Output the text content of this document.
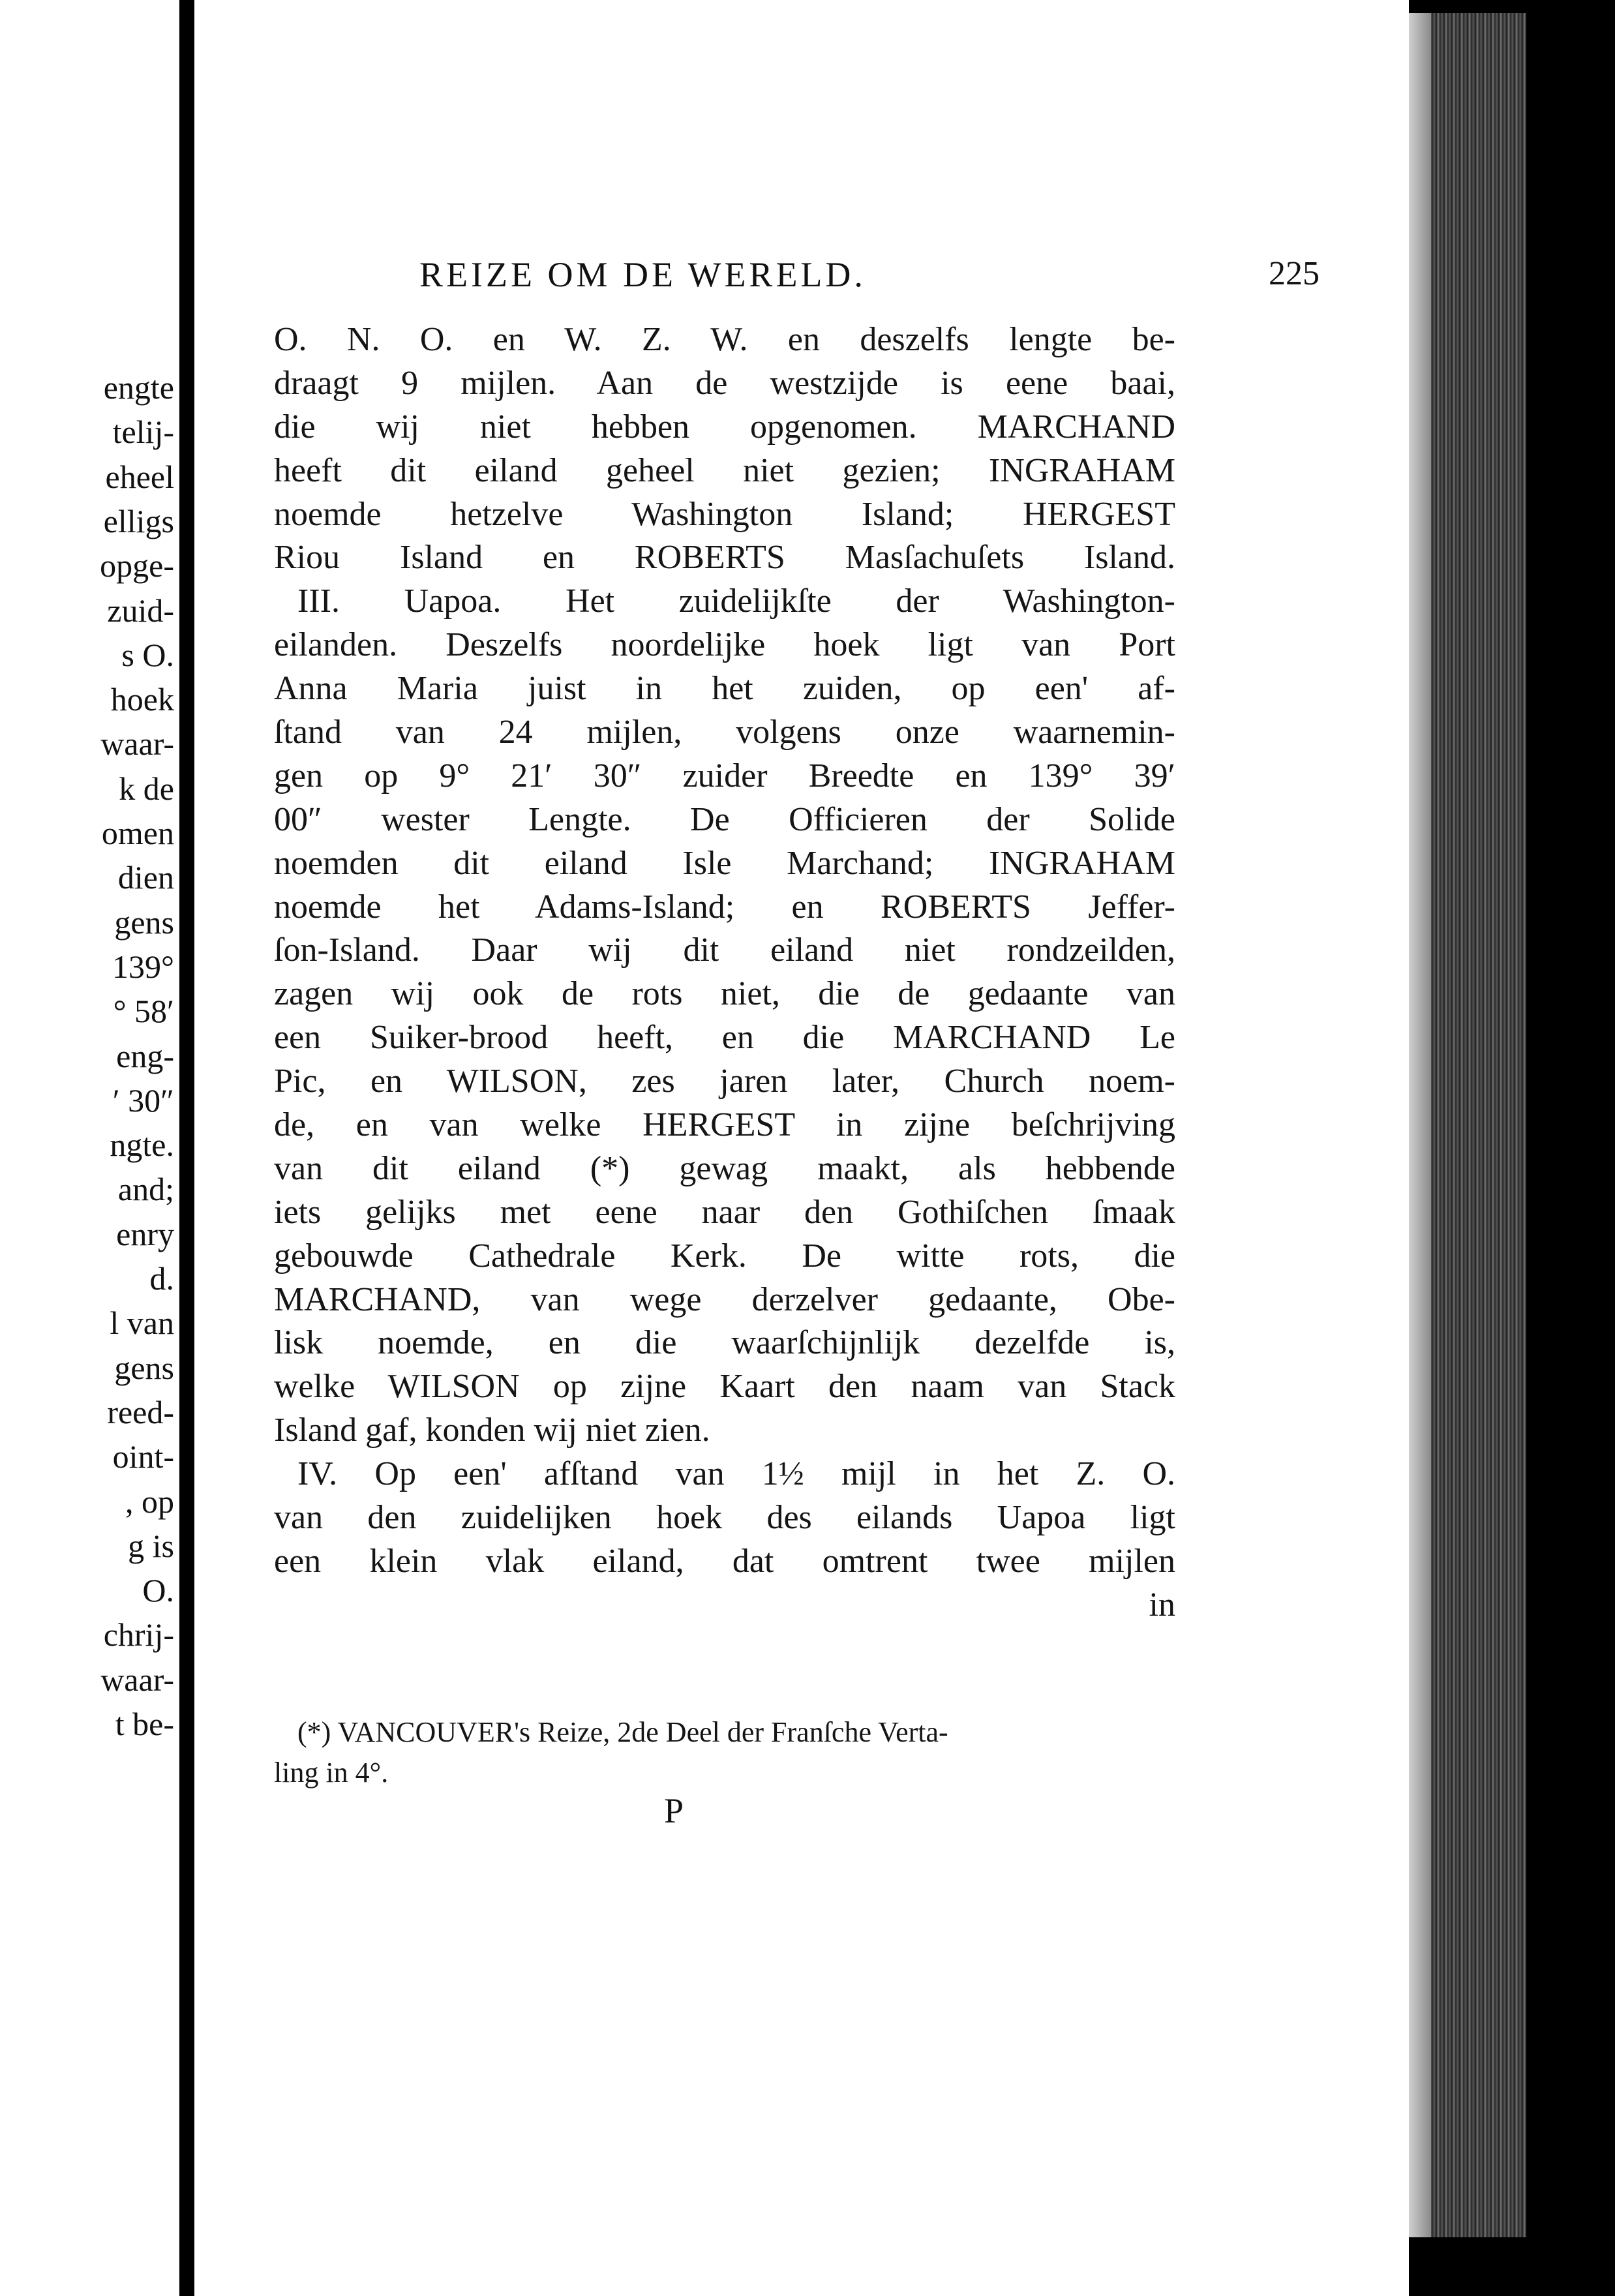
engte
telij-
eheel
elligs
opge-
zuid-
s O.
hoek
waar-
k de
omen
dien
gens
139°
° 58′
eng-
′ 30″
ngte.
and;
enry
d.
l van
gens
reed-
oint-
, op
g is
O.
chrij-
waar-
t be-
REIZE OM DE WERELD.	225
O. N. O. en W. Z. W. en deszelfs lengte be-
draagt 9 mijlen. Aan de westzijde is eene baai,
die wij niet hebben opgenomen. MARCHAND
heeft dit eiland geheel niet gezien; INGRAHAM
noemde hetzelve Washington Island; HERGEST
Riou Island en ROBERTS Masſachuſets Island.
III. Uapoa. Het zuidelijkſte der Washington-
eilanden. Deszelfs noordelijke hoek ligt van Port
Anna Maria juist in het zuiden, op een' af-
ſtand van 24 mijlen, volgens onze waarnemin-
gen op 9° 21′ 30″ zuider Breedte en 139° 39′
00″ wester Lengte. De Officieren der Solide
noemden dit eiland Isle Marchand; INGRAHAM
noemde het Adams-Island; en ROBERTS Jeffer-
ſon-Island. Daar wij dit eiland niet rondzeilden,
zagen wij ook de rots niet, die de gedaante van
een Suiker-brood heeft, en die MARCHAND Le
Pic, en WILSON, zes jaren later, Church noem-
de, en van welke HERGEST in zijne beſchrijving
van dit eiland (*) gewag maakt, als hebbende
iets gelijks met eene naar den Gothiſchen ſmaak
gebouwde Cathedrale Kerk. De witte rots, die
MARCHAND, van wege derzelver gedaante, Obe-
lisk noemde, en die waarſchijnlijk dezelfde is,
welke WILSON op zijne Kaart den naam van Stack
Island gaf, konden wij niet zien.
IV. Op een' afſtand van 1½ mijl in het Z. O.
van den zuidelijken hoek des eilands Uapoa ligt
een klein vlak eiland, dat omtrent twee mijlen
in
(*) VANCOUVER's Reize, 2de Deel der Franſche Verta-
ling in 4°.
P
